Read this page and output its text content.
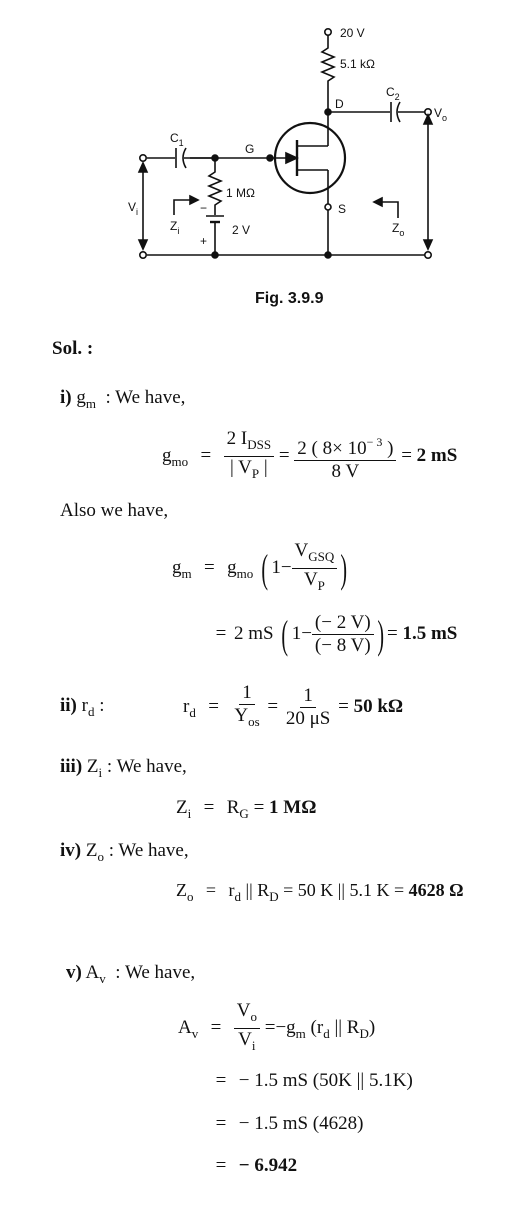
20 V
5.1 kΩ
D
$C_2$
$V_o$
S
G
$C_1$
1 MΩ
−
+
2 V
$V_i$
$Z_i$	$Z_o$
Fig. 3.9.9
Sol. :
i) $g_m$ : We have,
$g_{mo} = \frac{2 I_{DSS}}{| V_P |} = \frac{2 ( 8\times 10^{- 3} )}{8 V} = 2$ mS
Also we have,
$g_m = g_{mo}$ ( $1- \frac{V_{GSQ}}{V_P}$ )
= 2 mS ( $1- \frac{(- 2 V)}{(- 8 V)}$ ) = 1.5 mS
ii) $r_d$ :	$r_d = \frac{1}{Y_{os}} = \frac{1}{20 \mu S} = 50$ kΩ
iii) $Z_i$ : We have,
$Z_i = R_G = 1$ MΩ
iv) $Z_o$ : We have,
$Z_o = r_d$ || $R_D = 50$ K || 5.1 K = 4628 Ω
v) $A_v$ : We have,
$A_v = \frac{V_o}{V_i} =-g_m$ ($r_d$ || $R_D$)
= − 1.5 mS (50K || 5.1K)
= − 1.5 mS (4628)
= − 6.942
